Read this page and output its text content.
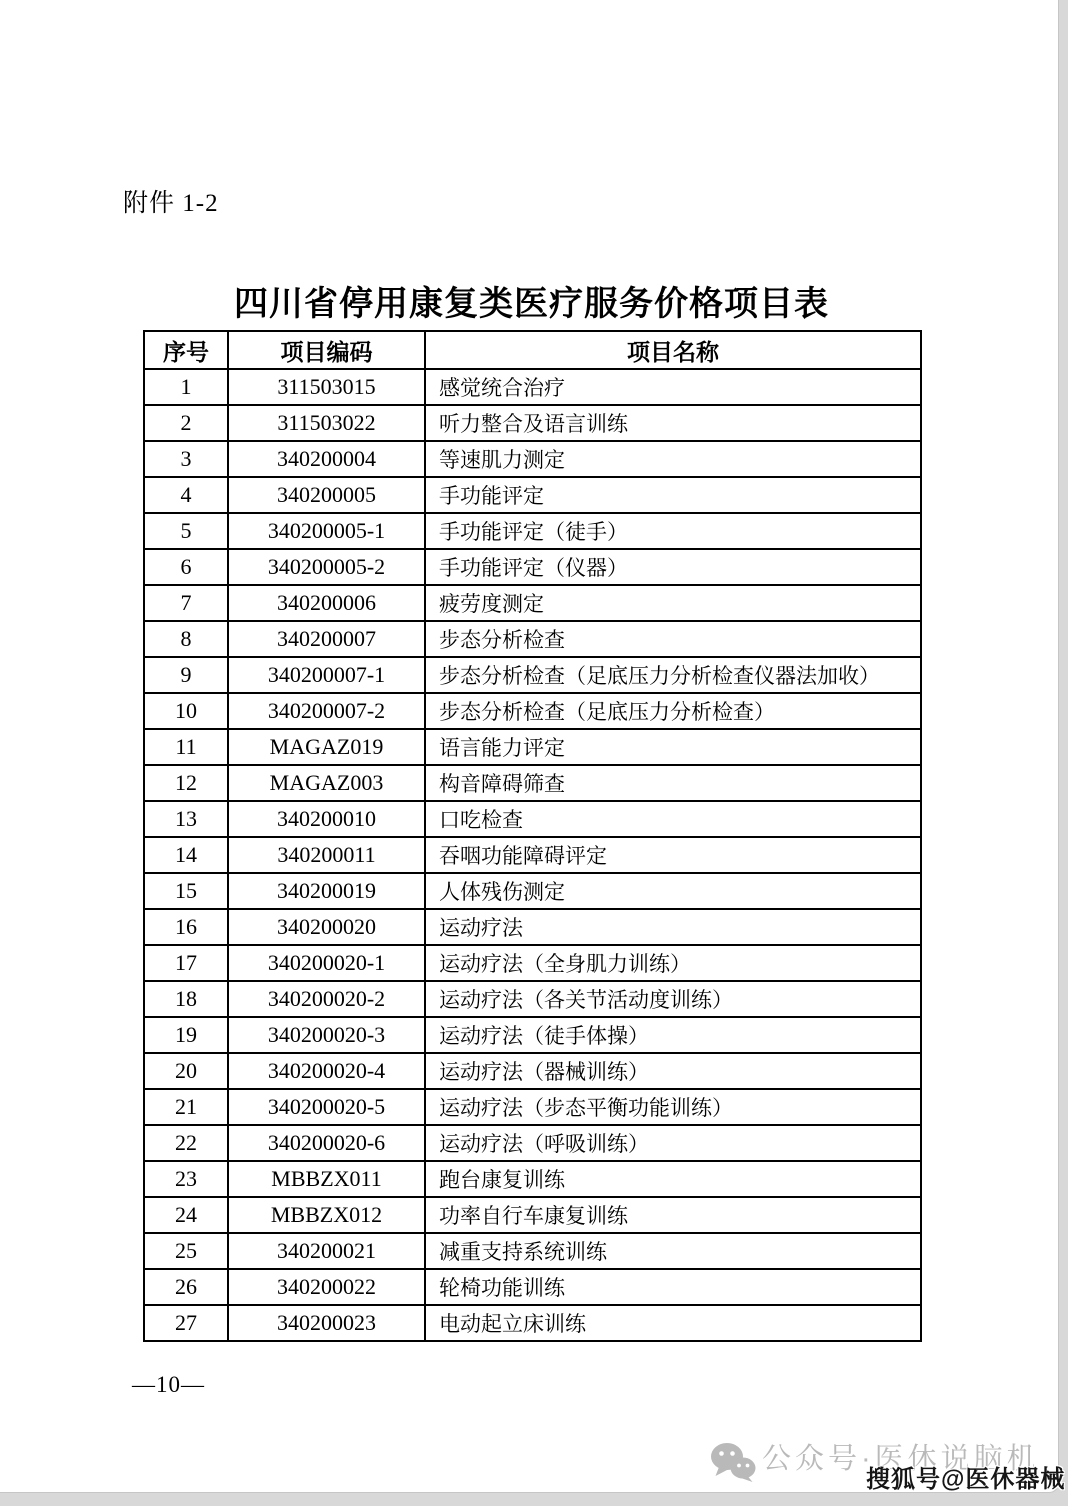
附件 1-2
四川省停用康复类医疗服务价格项目表
序号	项目编码	项目名称
1	311503015	感觉统合治疗
2	311503022	听力整合及语言训练
3	340200004	等速肌力测定
4	340200005	手功能评定
5	340200005-1	手功能评定（徒手）
6	340200005-2	手功能评定（仪器）
7	340200006	疲劳度测定
8	340200007	步态分析检查
9	340200007-1	步态分析检查（足底压力分析检查仪器法加收）
10	340200007-2	步态分析检查（足底压力分析检查）
11	MAGAZ019	语言能力评定
12	MAGAZ003	构音障碍筛查
13	340200010	口吃检查
14	340200011	吞咽功能障碍评定
15	340200019	人体残伤测定
16	340200020	运动疗法
17	340200020-1	运动疗法（全身肌力训练）
18	340200020-2	运动疗法（各关节活动度训练）
19	340200020-3	运动疗法（徒手体操）
20	340200020-4	运动疗法（器械训练）
21	340200020-5	运动疗法（步态平衡功能训练）
22	340200020-6	运动疗法（呼吸训练）
23	MBBZX011	跑台康复训练
24	MBBZX012	功率自行车康复训练
25	340200021	减重支持系统训练
26	340200022	轮椅功能训练
27	340200023	电动起立床训练
—10—
公众号·医休说脑机
搜狐号@医休器械
